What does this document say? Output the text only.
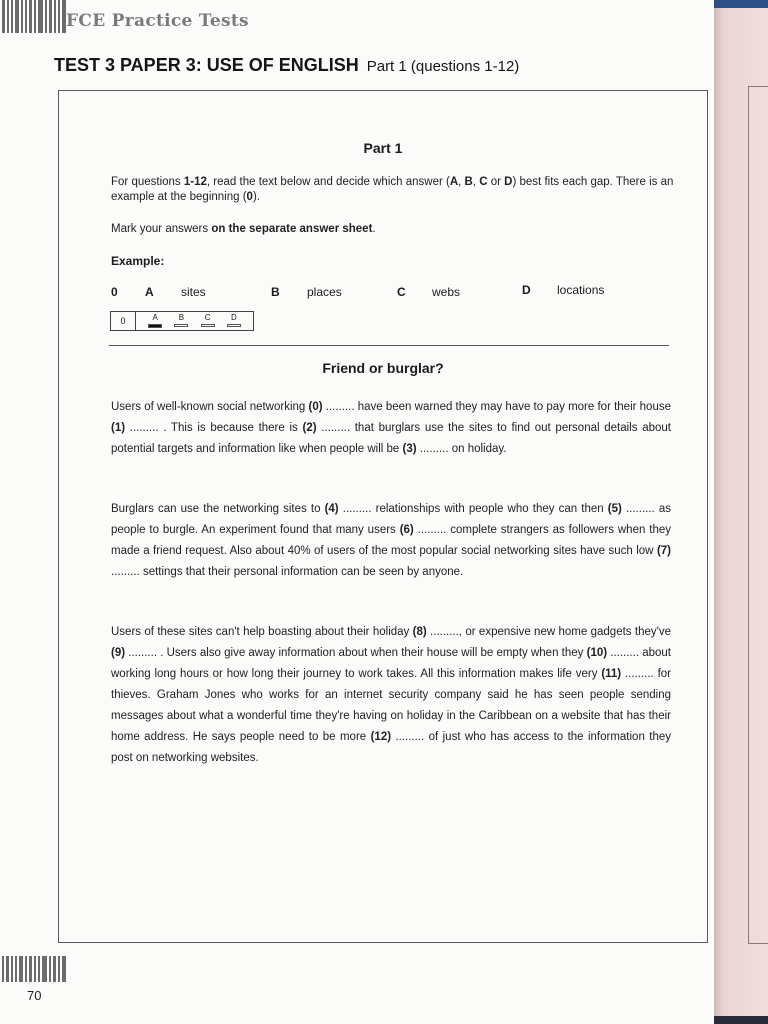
FCE Practice Tests
TEST 3 PAPER 3: USE OF ENGLISH Part 1 (questions 1-12)
Part 1
For questions 1-12, read the text below and decide which answer (A, B, C or D) best fits each gap. There is an example at the beginning (0).
Mark your answers on the separate answer sheet.
Example:
0 A sites	B places	C webs	D locations
0	A	B	C	D
Friend or burglar?
Users of well-known social networking (0) ......... have been warned they may have to pay more for their house (1) ......... . This is because there is (2) ......... that burglars use the sites to find out personal details about potential targets and information like when people will be (3) ......... on holiday.
Burglars can use the networking sites to (4) ......... relationships with people who they can then (5) ......... as people to burgle. An experiment found that many users (6) ......... complete strangers as followers when they made a friend request. Also about 40% of users of the most popular social networking sites have such low (7) ......... settings that their personal information can be seen by anyone.
Users of these sites can't help boasting about their holiday (8) ........., or expensive new home gadgets they've (9) ......... . Users also give away information about when their house will be empty when they (10) ......... about working long hours or how long their journey to work takes. All this information makes life very (11) ......... for thieves. Graham Jones who works for an internet security company said he has seen people sending messages about what a wonderful time they're having on holiday in the Caribbean on a website that has their home address. He says people need to be more (12) ......... of just who has access to the information they post on networking websites.
70
